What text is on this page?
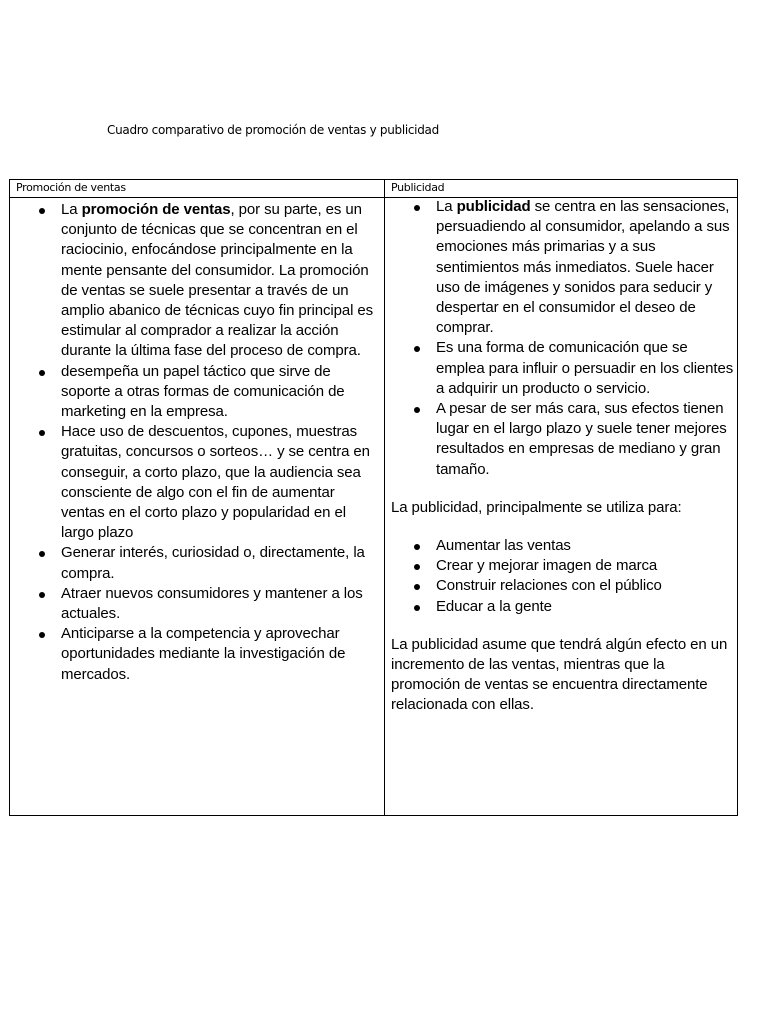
Cuadro comparativo de promoción de ventas y publicidad
Promoción de ventas	Publicidad
La promoción de ventas, por su parte, es un conjunto de técnicas que se concentran en el raciocinio, enfocándose principalmente en la mente pensante del consumidor. La promoción de ventas se suele presentar a través de un amplio abanico de técnicas cuyo fin principal es estimular al comprador a realizar la acción durante la última fase del proceso de compra.
desempeña un papel táctico que sirve de soporte a otras formas de comunicación de marketing en la empresa.
Hace uso de descuentos, cupones, muestras gratuitas, concursos o sorteos… y se centra en conseguir, a corto plazo, que la audiencia sea consciente de algo con el fin de aumentar ventas en el corto plazo y popularidad en el largo plazo
Generar interés, curiosidad o, directamente, la compra.
Atraer nuevos consumidores y mantener a los actuales.
Anticiparse a la competencia y aprovechar oportunidades mediante la investigación de mercados.
La publicidad se centra en las sensaciones, persuadiendo al consumidor, apelando a sus emociones más primarias y a sus sentimientos más inmediatos. Suele hacer uso de imágenes y sonidos para seducir y despertar en el consumidor el deseo de comprar.
Es una forma de comunicación que se emplea para influir o persuadir en los clientes a adquirir un producto o servicio.
A pesar de ser más cara, sus efectos tienen lugar en el largo plazo y suele tener mejores resultados en empresas de mediano y gran tamaño.

La publicidad, principalmente se utiliza para:

Aumentar las ventas
Crear y mejorar imagen de marca
Construir relaciones con el público
Educar a la gente

La publicidad asume que tendrá algún efecto en un incremento de las ventas, mientras que la promoción de ventas se encuentra directamente relacionada con ellas.
